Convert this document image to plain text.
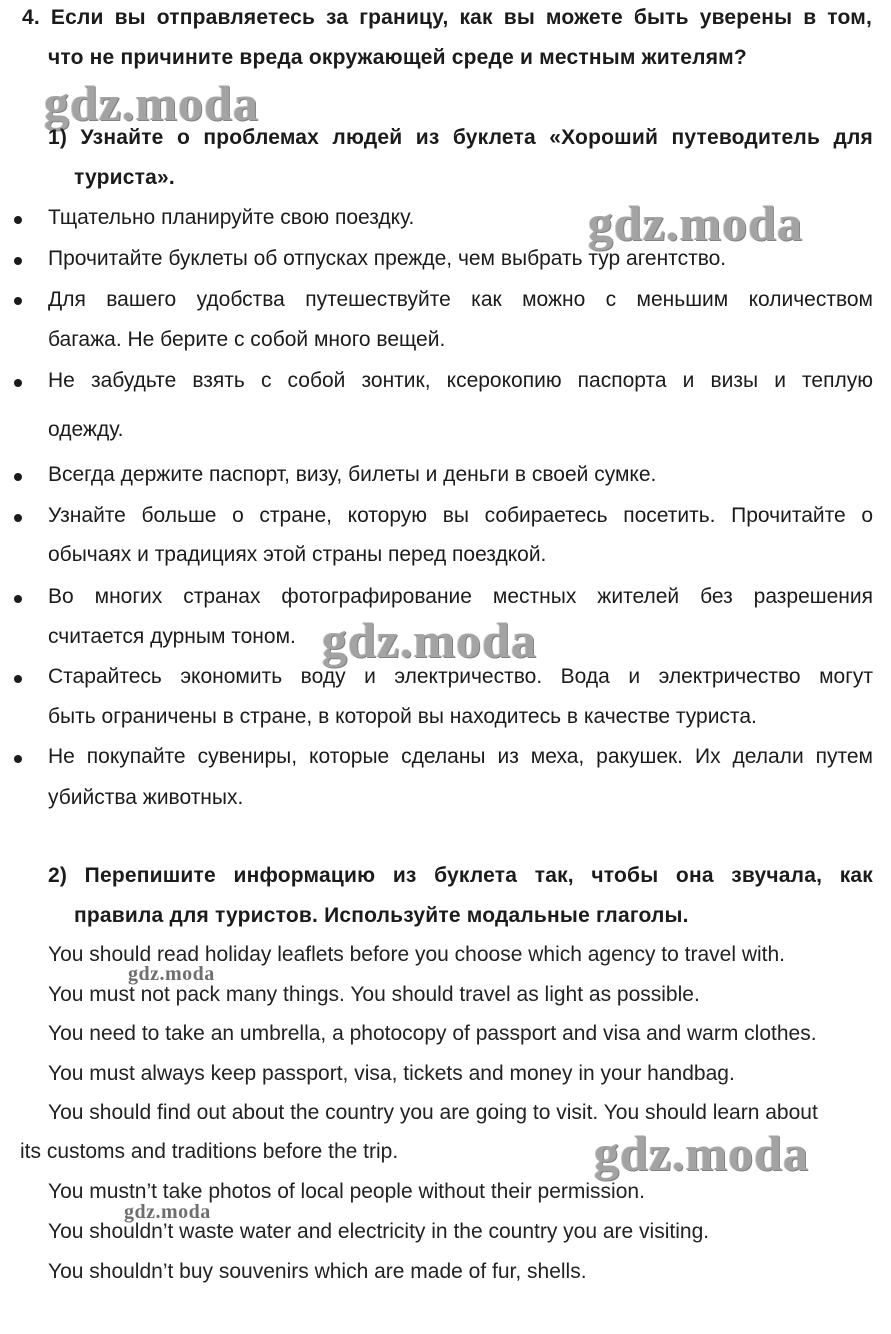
4. Если вы отправляетесь за границу, как вы можете быть уверены в том,
что не причините вреда окружающей среде и местным жителям?
gdz.moda
1) Узнайте о проблемах людей из буклета «Хороший путеводитель для
туриста».
Тщательно планируйте свою поездку.	gdz.moda
Прочитайте буклеты об отпусках прежде, чем выбрать тур агентство.
Для вашего удобства путешествуйте как можно с меньшим количеством
багажа. Не берите с собой много вещей.
Не забудьте взять с собой зонтик, ксерокопию паспорта и визы и теплую
одежду.
Всегда держите паспорт, визу, билеты и деньги в своей сумке.
Узнайте больше о стране, которую вы собираетесь посетить. Прочитайте о
обычаях и традициях этой страны перед поездкой.
Во многих странах фотографирование местных жителей без разрешения
считается дурным тоном. gdz.moda
Старайтесь экономить воду и электричество. Вода и электричество могут
быть ограничены в стране, в которой вы находитесь в качестве туриста.
Не покупайте сувениры, которые сделаны из меха, ракушек. Их делали путем
убийства животных.
2) Перепишите информацию из буклета так, чтобы она звучала, как
правила для туристов. Используйте модальные глаголы.
You should read holiday leaflets before you choose which agency to travel with.
gdz.moda
You must not pack many things. You should travel as light as possible.
You need to take an umbrella, a photocopy of passport and visa and warm clothes.
You must always keep passport, visa, tickets and money in your handbag.
You should find out about the country you are going to visit. You should learn about
its customs and traditions before the trip.	gdz.moda
You mustn’t take photos of local people without their permission.
gdz.moda
You shouldn’t waste water and electricity in the country you are visiting.
You shouldn’t buy souvenirs which are made of fur, shells.
